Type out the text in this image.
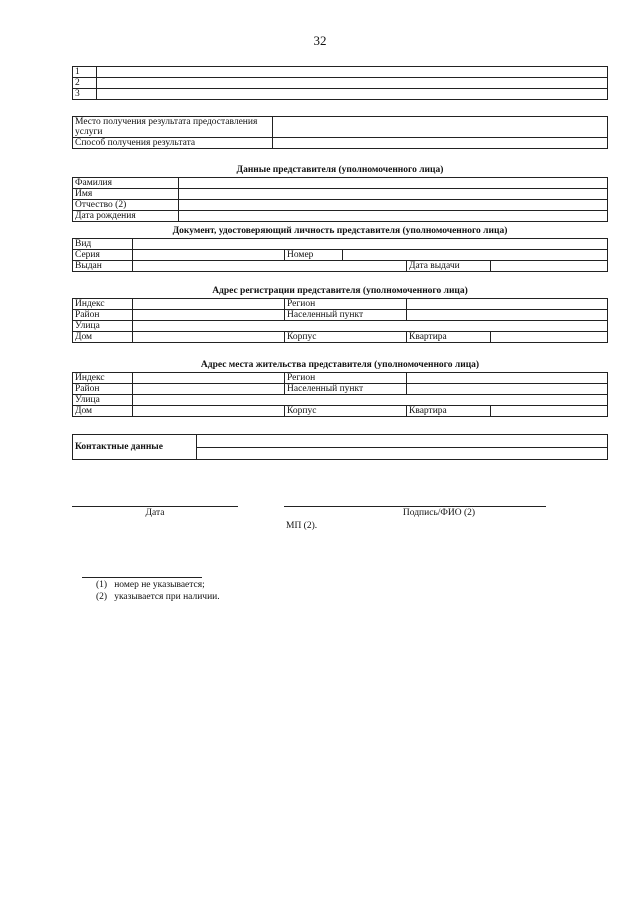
32
1	
2	
3	
Место получения результата предоставления услуги	
Способ получения результата	
Данные представителя (уполномоченного лица)
Фамилия	
Имя	
Отчество (2)	
Дата рождения	
Документ, удостоверяющий личность представителя (уполномоченного лица)
Вид					
Серия		Номер			
Выдан				Дата выдачи	
Адрес регистрации представителя (уполномоченного лица)
Индекс		Регион		
Район		Населенный пункт		
Улица				
Дом		Корпус	Квартира	
Адрес места жительства представителя (уполномоченного лица)
Индекс		Регион		
Район		Населенный пункт		
Улица				
Дом		Корпус	Квартира	
Контактные данные	

Дата	Подпись/ФИО (2)
МП (2).
(1)   номер не указывается;
(2)   указывается при наличии.
